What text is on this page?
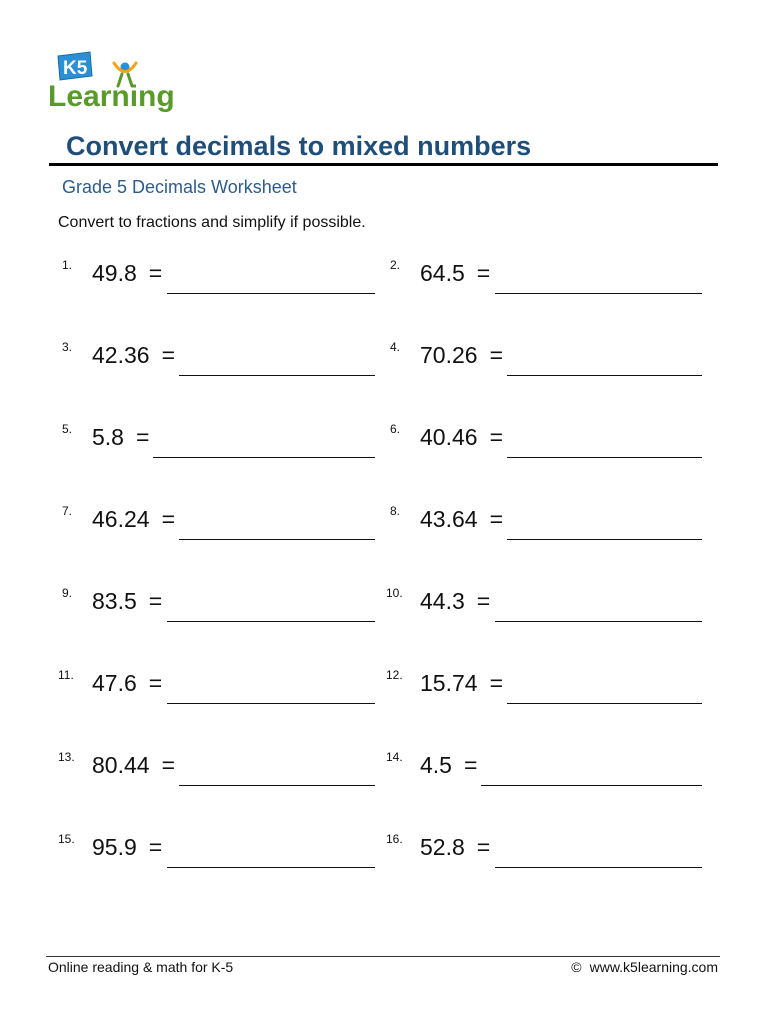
K5
Learning
Convert decimals to mixed numbers
Grade 5 Decimals Worksheet
Convert to fractions and simplify if possible.
1. 49.8 =
3. 42.36 =
5. 5.8 =
7. 46.24 =
9. 83.5 =
11. 47.6 =
13. 80.44 =
15. 95.9 =
2. 64.5 =
4. 70.26 =
6. 40.46 =
8. 43.64 =
10. 44.3 =
12. 15.74 =
14. 4.5 =
16. 52.8 =
Online reading & math for K-5	© www.k5learning.com
